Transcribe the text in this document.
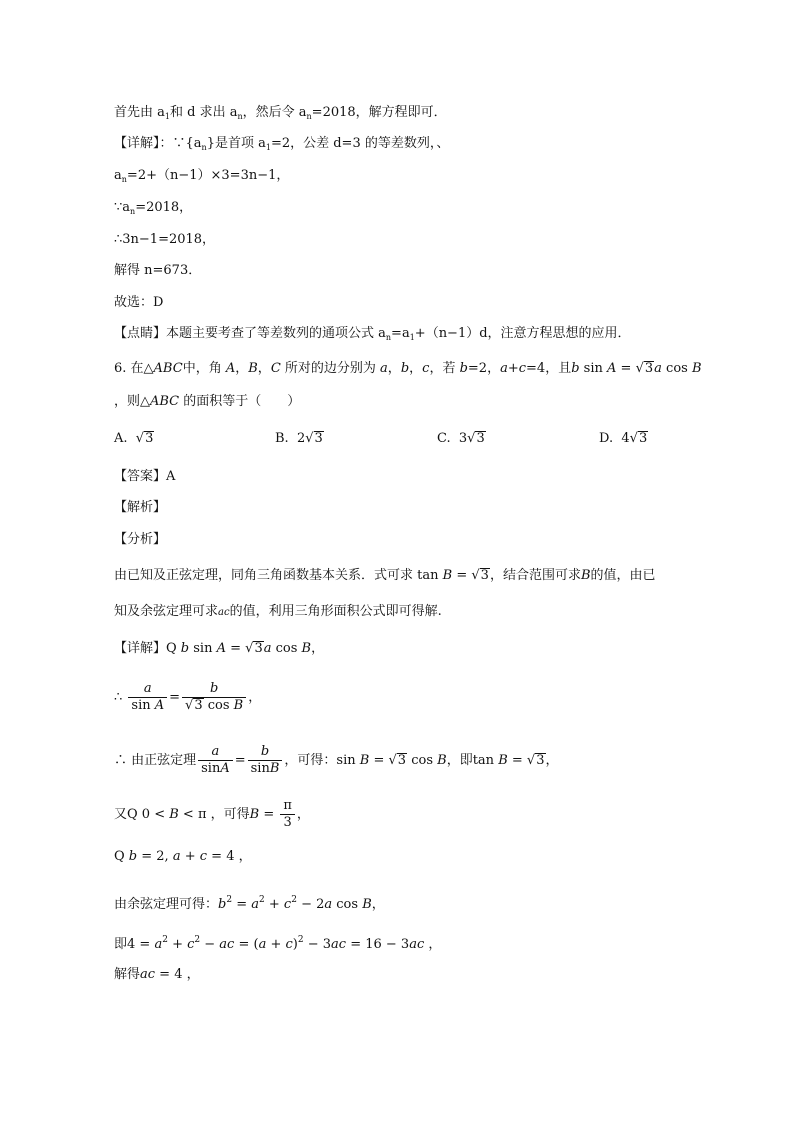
首先由 $a_1$和 d 求出 $a_n$，然后令 $a_n=2018$，解方程即可．
【详解】：$\because\{a_n\}$是首项 $a_1=2$，公差 d=3 的等差数列，、
$a_n=2+(n-1)\times 3=3n-1$，
$\because a_n=2018$，
∴3n−1=2018，
解得 n=673．
故选：D
【点睛】本题主要考查了等差数列的通项公式 $a_n=a_1+(n-1)d$，注意方程思想的应用．
6. 在△ABC中，角 A，B，C 所对的边分别为 a，b，c，若 b=2，a+c=4，且b sin A = √3a cos B
，则△ABC 的面积等于（　　）
A.  √3	B. 2√3	C. 3√3	D. 4√3
【答案】A
【解析】
【分析】
由已知及正弦定理，同角三角函数基本关系．式可求 tan B = √3，结合范围可求B的值，由已
知及余弦定理可求ac的值，利用三角形面积公式即可得解.
【详解】Q b sin A = √3a cos B，
∴ $\frac{a}{\text{sin A}} = \frac{b}{\text{√3 cos B}}$ ，
∴ 由正弦定理 $\frac{a}{\sin A} = \frac{b}{\sin B}$ ，可得：sin B = √3 cos B，即tan B = √3，
又Q 0 < B < π ，可得$B = \frac{\pi}{3}$ ，
Q b = 2, a + c = 4 ，
由余弦定理可得：$b^2 = a^2 + c^2 - 2a$ cos B，
即$4 = a^2 + c^2$ − ac = $(a + c)^2 - 3ac = 16 - 3ac$ ，
解得ac = 4 ，
